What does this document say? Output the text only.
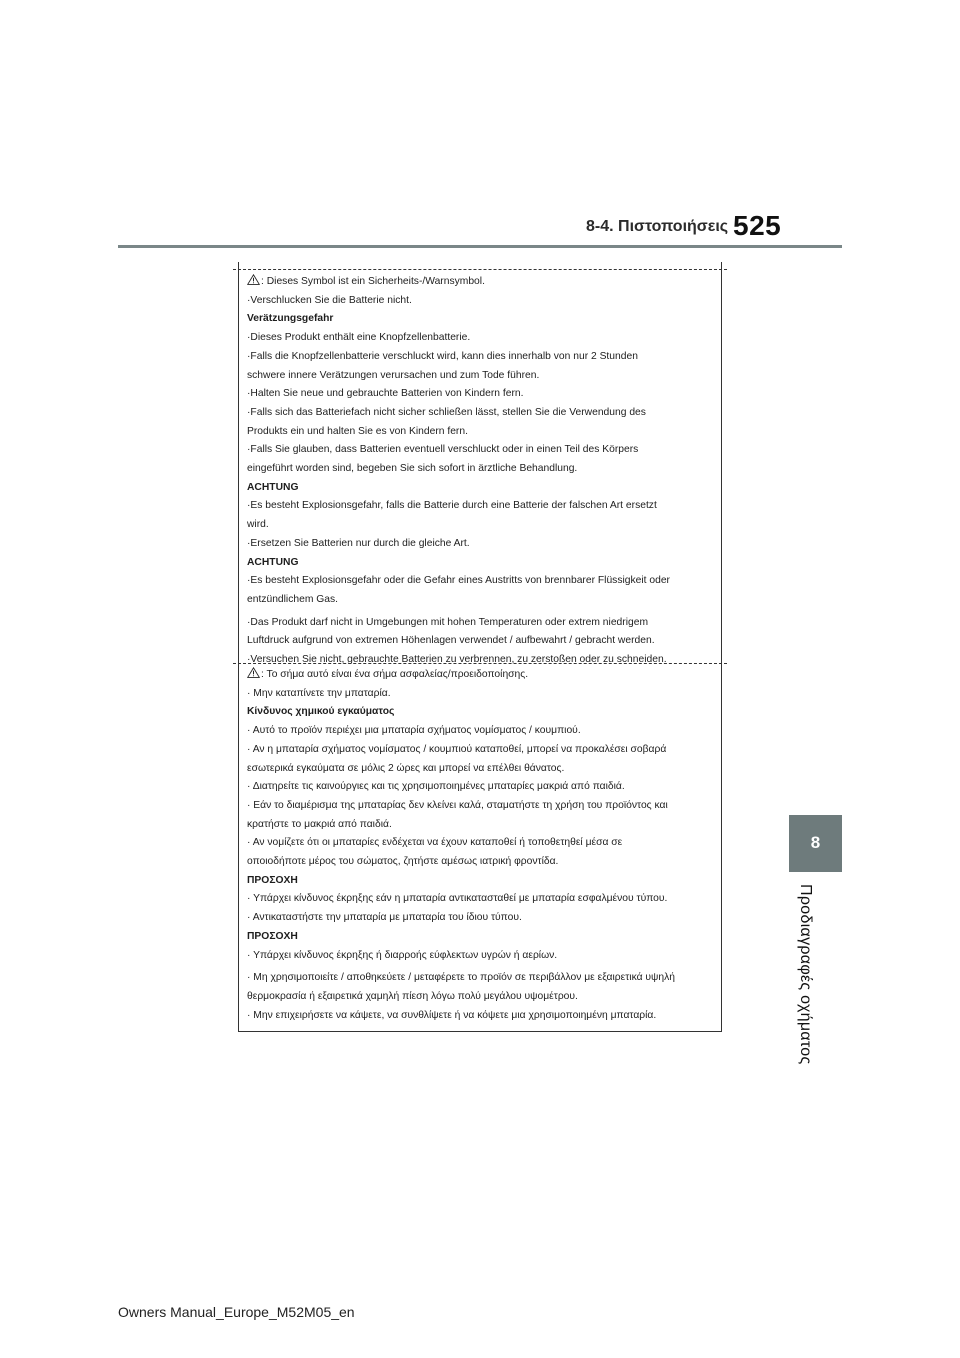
8-4. Πιστοποιήσεις 525
8
Προδιαγραφές οχήματος
: Dieses Symbol ist ein Sicherheits-/Warnsymbol.
·Verschlucken Sie die Batterie nicht.
Verätzungsgefahr
·Dieses Produkt enthält eine Knopfzellenbatterie.
·Falls die Knopfzellenbatterie verschluckt wird, kann dies innerhalb von nur 2 Stunden
schwere innere Verätzungen verursachen und zum Tode führen.
·Halten Sie neue und gebrauchte Batterien von Kindern fern.
·Falls sich das Batteriefach nicht sicher schließen lässt, stellen Sie die Verwendung des
Produkts ein und halten Sie es von Kindern fern.
·Falls Sie glauben, dass Batterien eventuell verschluckt oder in einen Teil des Körpers
eingeführt worden sind, begeben Sie sich sofort in ärztliche Behandlung.
ACHTUNG
·Es besteht Explosionsgefahr, falls die Batterie durch eine Batterie der falschen Art ersetzt
wird.
·Ersetzen Sie Batterien nur durch die gleiche Art.
ACHTUNG
·Es besteht Explosionsgefahr oder die Gefahr eines Austritts von brennbarer Flüssigkeit oder
entzündlichem Gas.
·Das Produkt darf nicht in Umgebungen mit hohen Temperaturen oder extrem niedrigem
Luftdruck aufgrund von extremen Höhenlagen verwendet / aufbewahrt / gebracht werden.
·Versuchen Sie nicht, gebrauchte Batterien zu verbrennen, zu zerstoßen oder zu schneiden.
: Το σήμα αυτό είναι ένα σήμα ασφαλείας/προειδοποίησης.
· Μην καταπίνετε την μπαταρία.
Κίνδυνος χημικού εγκαύματος
· Αυτό το προϊόν περιέχει μια μπαταρία σχήματος νομίσματος / κουμπιού.
· Αν η μπαταρία σχήματος νομίσματος / κουμπιού καταποθεί, μπορεί να προκαλέσει σοβαρά
εσωτερικά εγκαύματα σε μόλις 2 ώρες και μπορεί να επέλθει θάνατος.
· Διατηρείτε τις καινούργιες και τις χρησιμοποιημένες μπαταρίες μακριά από παιδιά.
· Εάν το διαμέρισμα της μπαταρίας δεν κλείνει καλά, σταματήστε τη χρήση του προϊόντος και
κρατήστε το μακριά από παιδιά.
· Αν νομίζετε ότι οι μπαταρίες ενδέχεται να έχουν καταποθεί ή τοποθετηθεί μέσα σε
οποιοδήποτε μέρος του σώματος, ζητήστε αμέσως ιατρική φροντίδα.
ΠΡΟΣΟΧΗ
· Υπάρχει κίνδυνος έκρηξης εάν η μπαταρία αντικατασταθεί με μπαταρία εσφαλμένου τύπου.
· Αντικαταστήστε την μπαταρία με μπαταρία του ίδιου τύπου.
ΠΡΟΣΟΧΗ
· Υπάρχει κίνδυνος έκρηξης ή διαρροής εύφλεκτων υγρών ή αερίων.
· Μη χρησιμοποιείτε / αποθηκεύετε / μεταφέρετε το προϊόν σε περιβάλλον με εξαιρετικά υψηλή
θερμοκρασία ή εξαιρετικά χαμηλή πίεση λόγω πολύ μεγάλου υψομέτρου.
· Μην επιχειρήσετε να κάψετε, να συνθλίψετε ή να κόψετε μια χρησιμοποιημένη μπαταρία.
Owners Manual_Europe_M52M05_en
